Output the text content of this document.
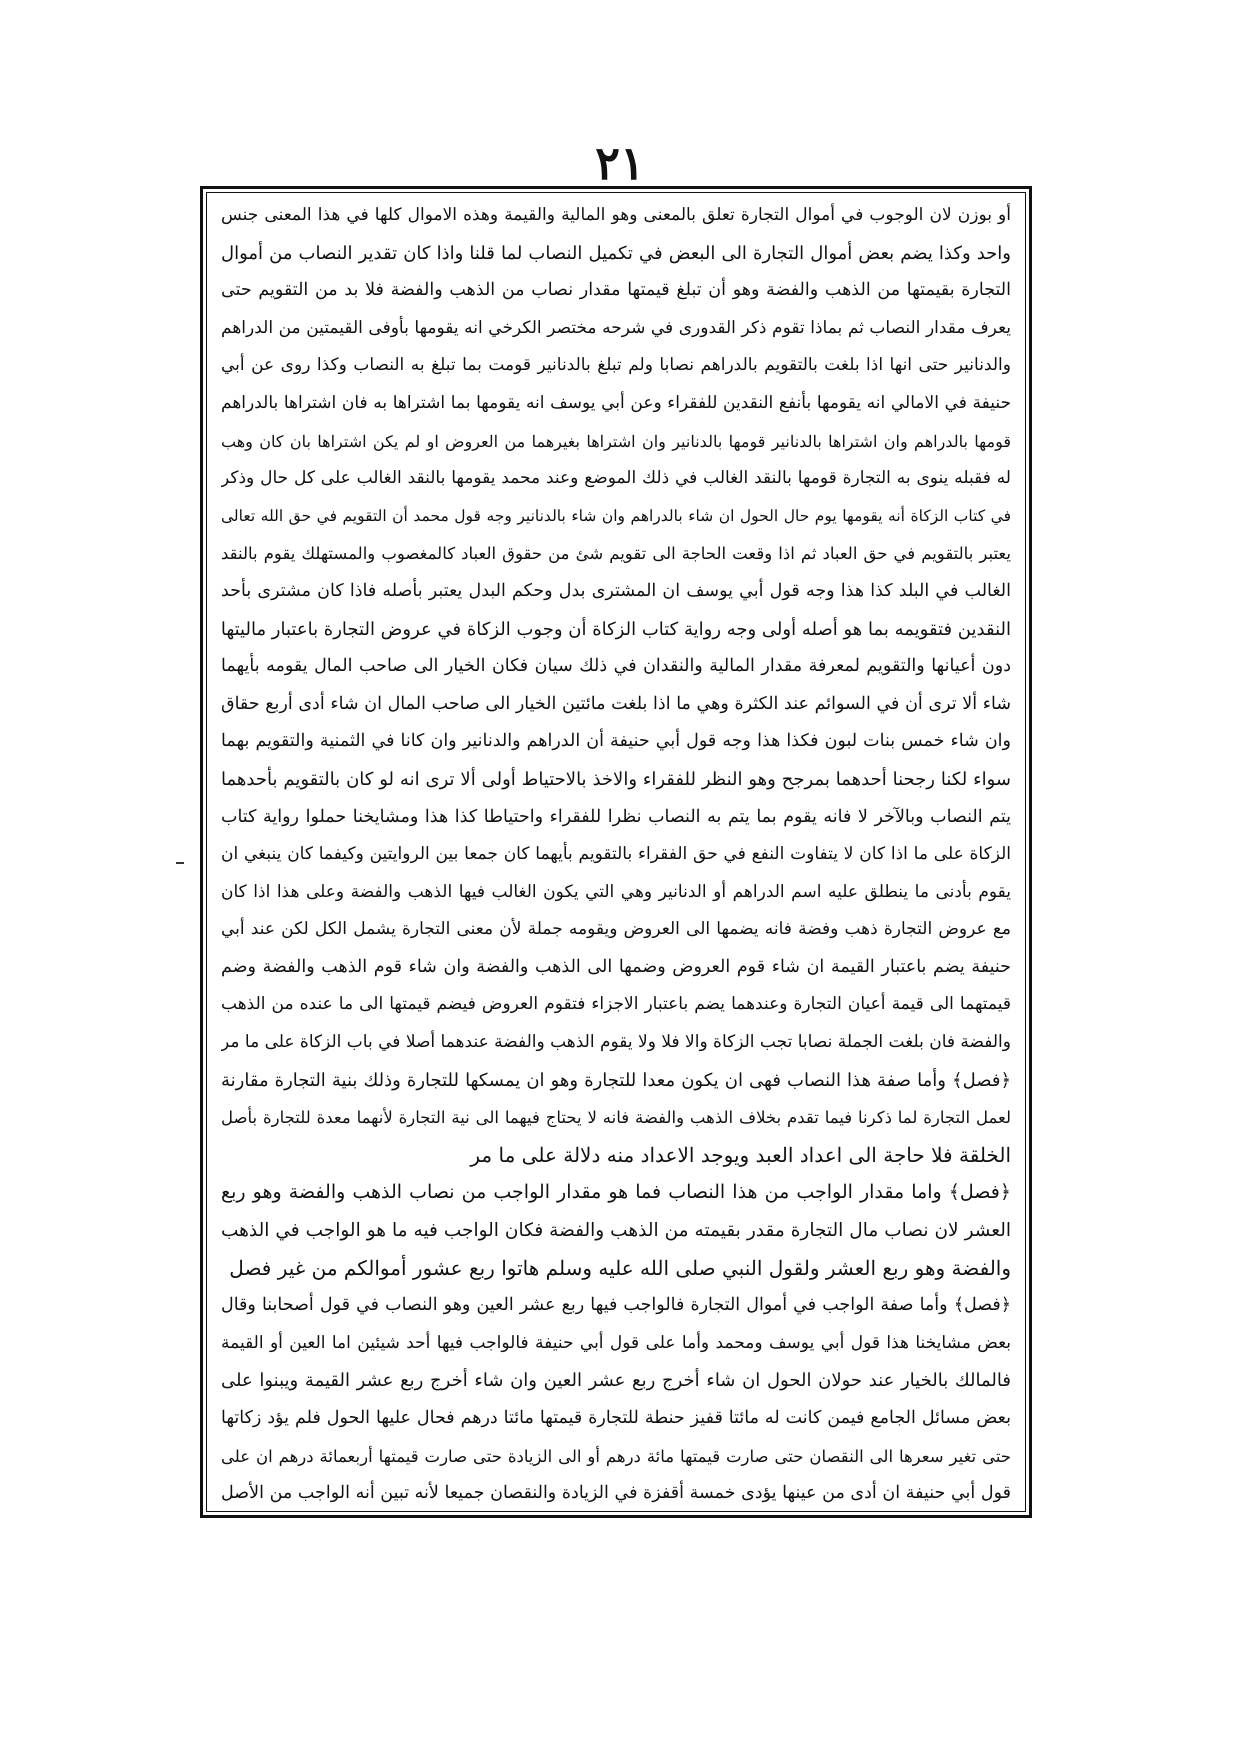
٢١
أو بوزن لان الوجوب في أموال التجارة تعلق بالمعنى وهو المالية والقيمة وهذه الاموال كلها في هذا المعنى جنس
واحد وكذا يضم بعض أموال التجارة الى البعض في تكميل النصاب لما قلنا واذا كان تقدير النصاب من أموال
التجارة بقيمتها من الذهب والفضة وهو أن تبلغ قيمتها مقدار نصاب من الذهب والفضة فلا بد من التقويم حتى
يعرف مقدار النصاب ثم بماذا تقوم ذكر القدورى في شرحه مختصر الكرخي انه يقومها بأوفى القيمتين من الدراهم
والدنانير حتى انها اذا بلغت بالتقويم بالدراهم نصابا ولم تبلغ بالدنانير قومت بما تبلغ به النصاب وكذا روى عن أبي
حنيفة في الامالي انه يقومها بأنفع النقدين للفقراء وعن أبي يوسف انه يقومها بما اشتراها به فان اشتراها بالدراهم
قومها بالدراهم وان اشتراها بالدنانير قومها بالدنانير وان اشتراها بغيرهما من العروض او لم يكن اشتراها بان كان وهب
له فقبله ينوى به التجارة قومها بالنقد الغالب في ذلك الموضع وعند محمد يقومها بالنقد الغالب على كل حال وذكر
في كتاب الزكاة أنه يقومها يوم حال الحول ان شاء بالدراهم وان شاء بالدنانير وجه قول محمد أن التقويم في حق الله تعالى
يعتبر بالتقويم في حق العباد ثم اذا وقعت الحاجة الى تقويم شئ من حقوق العباد كالمغصوب والمستهلك يقوم بالنقد
الغالب في البلد كذا هذا وجه قول أبي يوسف ان المشترى بدل وحكم البدل يعتبر بأصله فاذا كان مشترى بأحد
النقدين فتقويمه بما هو أصله أولى وجه رواية كتاب الزكاة أن وجوب الزكاة في عروض التجارة باعتبار ماليتها
دون أعيانها والتقويم لمعرفة مقدار المالية والنقدان في ذلك سيان فكان الخيار الى صاحب المال يقومه بأيهما
شاء ألا ترى أن في السوائم عند الكثرة وهي ما اذا بلغت مائتين الخيار الى صاحب المال ان شاء أدى أربع حقاق
وان شاء خمس بنات لبون فكذا هذا وجه قول أبي حنيفة أن الدراهم والدنانير وان كانا في الثمنية والتقويم بهما
سواء لكنا رجحنا أحدهما بمرجح وهو النظر للفقراء والاخذ بالاحتياط أولى ألا ترى انه لو كان بالتقويم بأحدهما
يتم النصاب وبالآخر لا فانه يقوم بما يتم به النصاب نظرا للفقراء واحتياطا كذا هذا ومشايخنا حملوا رواية كتاب
الزكاة على ما اذا كان لا يتفاوت النفع في حق الفقراء بالتقويم بأيهما كان جمعا بين الروايتين وكيفما كان ينبغي ان
يقوم بأدنى ما ينطلق عليه اسم الدراهم أو الدنانير وهي التي يكون الغالب فيها الذهب والفضة وعلى هذا اذا كان
مع عروض التجارة ذهب وفضة فانه يضمها الى العروض ويقومه جملة لأن معنى التجارة يشمل الكل لكن عند أبي
حنيفة يضم باعتبار القيمة ان شاء قوم العروض وضمها الى الذهب والفضة وان شاء قوم الذهب والفضة وضم
قيمتهما الى قيمة أعيان التجارة وعندهما يضم باعتبار الاجزاء فتقوم العروض فيضم قيمتها الى ما عنده من الذهب
والفضة فان بلغت الجملة نصابا تجب الزكاة والا فلا ولا يقوم الذهب والفضة عندهما أصلا في باب الزكاة على ما مر
﴿فصل﴾ وأما صفة هذا النصاب فهى ان يكون معدا للتجارة وهو ان يمسكها للتجارة وذلك بنية التجارة مقارنة
لعمل التجارة لما ذكرنا فيما تقدم بخلاف الذهب والفضة فانه لا يحتاج فيهما الى نية التجارة لأنهما معدة للتجارة بأصل
الخلقة فلا حاجة الى اعداد العبد ويوجد الاعداد منه دلالة على ما مر
﴿فصل﴾ واما مقدار الواجب من هذا النصاب فما هو مقدار الواجب من نصاب الذهب والفضة وهو ربع
العشر لان نصاب مال التجارة مقدر بقيمته من الذهب والفضة فكان الواجب فيه ما هو الواجب في الذهب
والفضة وهو ربع العشر ولقول النبي صلى الله عليه وسلم هاتوا ربع عشور أموالكم من غير فصل
﴿فصل﴾ وأما صفة الواجب في أموال التجارة فالواجب فيها ربع عشر العين وهو النصاب في قول أصحابنا وقال
بعض مشايخنا هذا قول أبي يوسف ومحمد وأما على قول أبي حنيفة فالواجب فيها أحد شيئين اما العين أو القيمة
فالمالك بالخيار عند حولان الحول ان شاء أخرج ربع عشر العين وان شاء أخرج ربع عشر القيمة ويبنوا على
بعض مسائل الجامع فيمن كانت له مائتا قفيز حنطة للتجارة قيمتها مائتا درهم فحال عليها الحول فلم يؤد زكاتها
حتى تغير سعرها الى النقصان حتى صارت قيمتها مائة درهم أو الى الزيادة حتى صارت قيمتها أربعمائة درهم ان على
قول أبي حنيفة ان أدى من عينها يؤدى خمسة أقفزة في الزيادة والنقصان جميعا لأنه تبين أنه الواجب من الأصل
